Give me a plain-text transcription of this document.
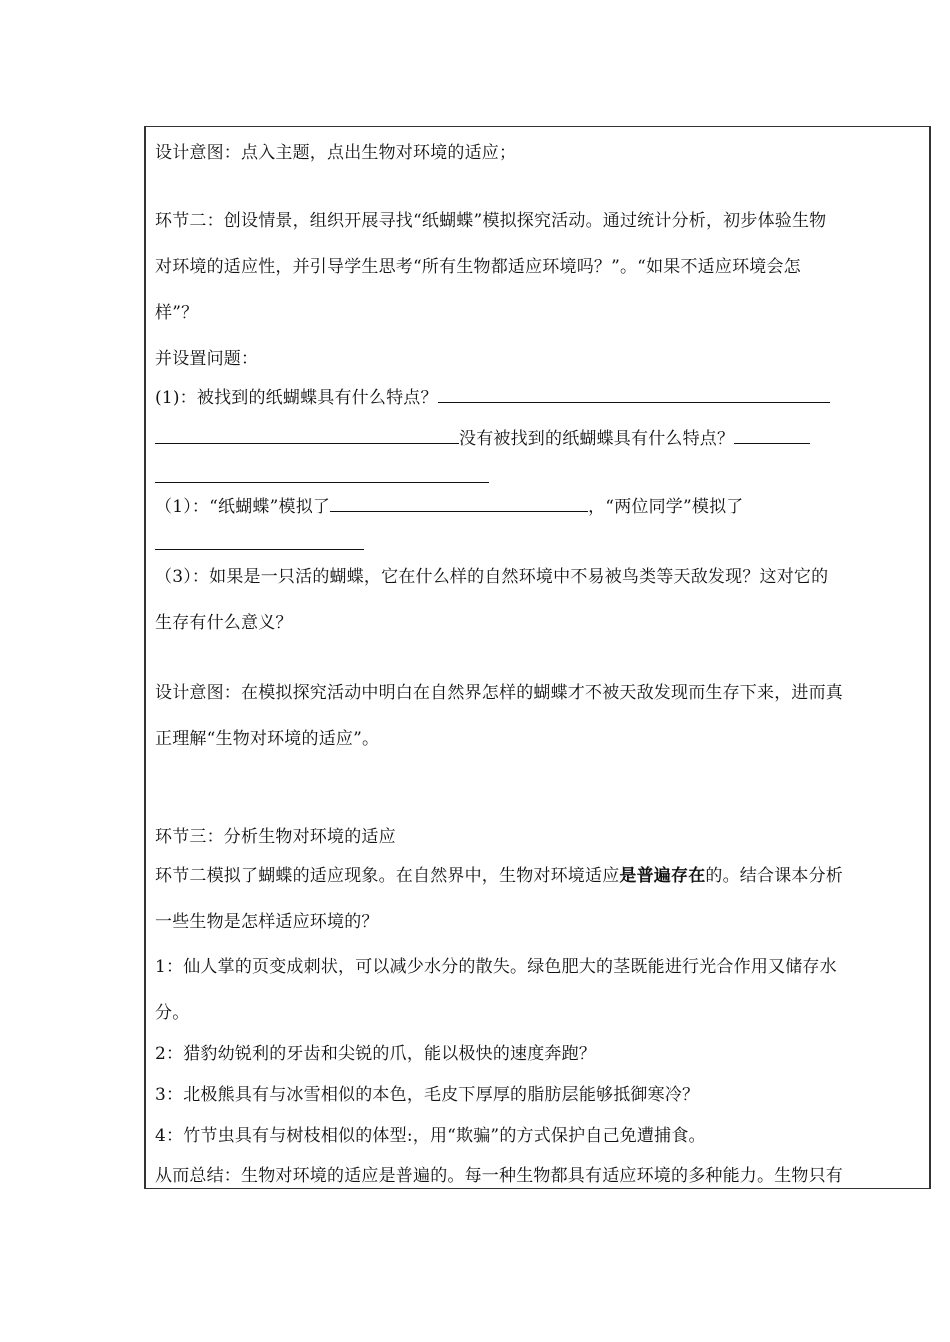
设计意图：点入主题，点出生物对环境的适应；
环节二：创设情景，组织开展寻找“纸蝴蝶”模拟探究活动。通过统计分析，初步体验生物
对环境的适应性，并引导学生思考“所有生物都适应环境吗？”。“如果不适应环境会怎
样”？
并设置问题：
(1)：被找到的纸蝴蝶具有什么特点？
没有被找到的纸蝴蝶具有什么特点？
（1）：“纸蝴蝶”模拟了	，“两位同学”模拟了
（3）：如果是一只活的蝴蝶，它在什么样的自然环境中不易被鸟类等天敌发现？这对它的
生存有什么意义？
设计意图：在模拟探究活动中明白在自然界怎样的蝴蝶才不被天敌发现而生存下来，进而真
正理解“生物对环境的适应”。
环节三：分析生物对环境的适应
环节二模拟了蝴蝶的适应现象。在自然界中，生物对环境适应是普遍存在的。结合课本分析
一些生物是怎样适应环境的？
1：仙人掌的页变成刺状，可以减少水分的散失。绿色肥大的茎既能进行光合作用又储存水
分。
2：猎豹幼锐利的牙齿和尖锐的爪，能以极快的速度奔跑？
3：北极熊具有与冰雪相似的本色，毛皮下厚厚的脂肪层能够抵御寒冷？
4：竹节虫具有与树枝相似的体型:，用“欺骗”的方式保护自己免遭捕食。
从而总结：生物对环境的适应是普遍的。每一种生物都具有适应环境的多种能力。生物只有
